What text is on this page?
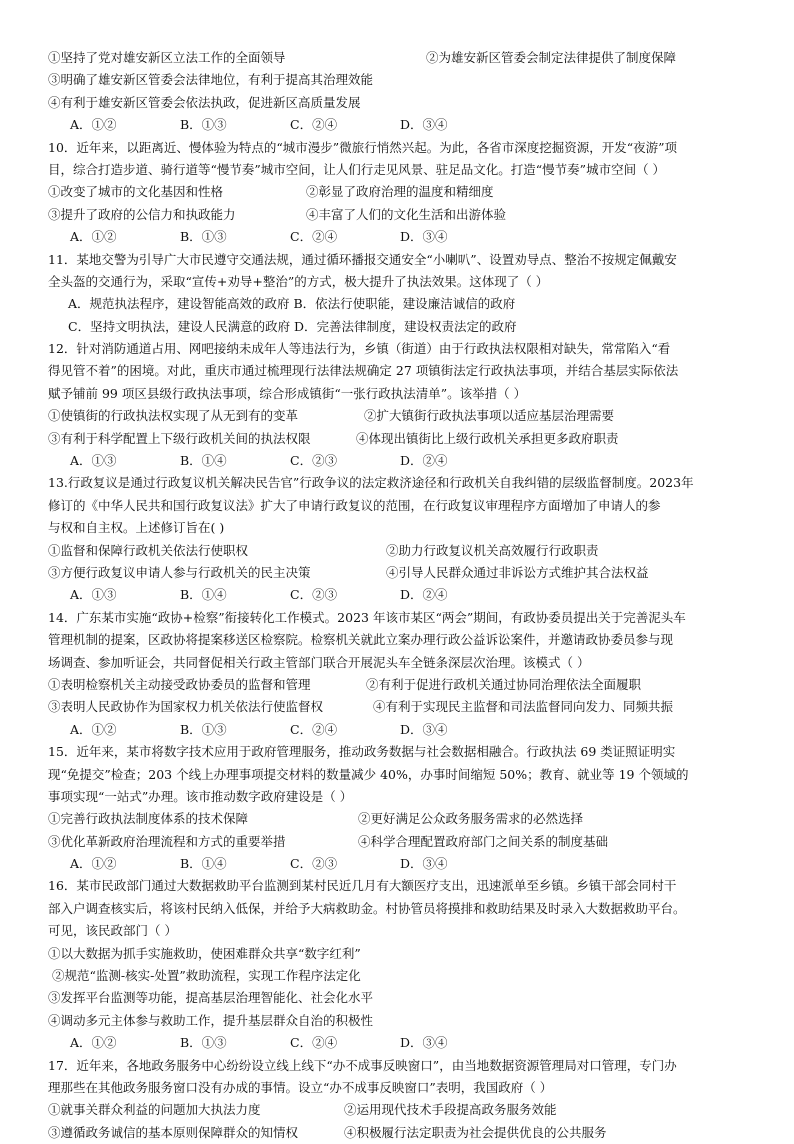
①坚持了党对雄安新区立法工作的全面领导	②为雄安新区管委会制定法律提供了制度保障
③明确了雄安新区管委会法律地位，有利于提高其治理效能
④有利于雄安新区管委会依法执政，促进新区高质量发展
A．①②	B．①③	C．②④	D．③④
10．近年来，以距离近、慢体验为特点的“城市漫步”微旅行悄然兴起。为此，各省市深度挖掘资源，开发“夜游”项
目，综合打造步道、骑行道等“慢节奏”城市空间，让人们行走见风景、驻足品文化。打造“慢节奏”城市空间（ ）
①改变了城市的文化基因和性格	②彰显了政府治理的温度和精细度
③提升了政府的公信力和执政能力	④丰富了人们的文化生活和出游体验
A．①②	B．①③	C．②④	D．③④
11．某地交警为引导广大市民遵守交通法规，通过循环播报交通安全“小喇叭”、设置劝导点、整治不按规定佩戴安
全头盔的交通行为，采取“宣传+劝导+整治”的方式，极大提升了执法效果。这体现了（ ）
A．规范执法程序，建设智能高效的政府 B．依法行使职能，建设廉洁诚信的政府
C．坚持文明执法，建设人民满意的政府 D．完善法律制度，建设权责法定的政府
12．针对消防通道占用、网吧接纳未成年人等违法行为，乡镇（街道）由于行政执法权限相对缺失，常常陷入“看
得见管不着”的困境。对此，重庆市通过梳理现行法律法规确定 27 项镇街法定行政执法事项，并结合基层实际依法
赋予铺前 99 项区县级行政执法事项，综合形成镇街“一张行政执法清单”。该举措（ ）
①使镇街的行政执法权实现了从无到有的变革	②扩大镇街行政执法事项以适应基层治理需要
③有利于科学配置上下级行政机关间的执法权限	④体现出镇街比上级行政机关承担更多政府职责
A．①③	B．①④	C．②③	D．②④
13.行政复议是通过行政复议机关解决民告官”行政争议的法定救济途径和行政机关自我纠错的层级监督制度。2023年
修订的《中华人民共和国行政复议法》扩大了申请行政复议的范围，在行政复议审理程序方面增加了申请人的参
与权和自主权。上述修订旨在( )
①监督和保障行政机关依法行使职权	②助力行政复议机关高效履行行政职责
③方便行政复议申请人参与行政机关的民主决策	④引导人民群众通过非诉讼方式维护其合法权益
A．①③	B．①④	C．②③	D．②④
14．广东某市实施“政协+检察”衔接转化工作模式。2023 年该市某区“两会”期间，有政协委员提出关于完善泥头车
管理机制的提案，区政协将提案移送区检察院。检察机关就此立案办理行政公益诉讼案件，并邀请政协委员参与现
场调查、参加听证会，共同督促相关行政主管部门联合开展泥头车全链条深层次治理。该模式（ ）
①表明检察机关主动接受政协委员的监督和管理	②有利于促进行政机关通过协同治理依法全面履职
③表明人民政协作为国家权力机关依法行使监督权	④有利于实现民主监督和司法监督同向发力、同频共振
A．①②	B．①③	C．②④	D．③④
15．近年来，某市将数字技术应用于政府管理服务，推动政务数据与社会数据相融合。行政执法 69 类证照证明实
现“免提交”检查；203 个线上办理事项提交材料的数量减少 40%，办事时间缩短 50%；教育、就业等 19 个领域的
事项实现“一站式”办理。该市推动数字政府建设是（ ）
①完善行政执法制度体系的技术保障	②更好满足公众政务服务需求的必然选择
③优化革新政府治理流程和方式的重要举措	④科学合理配置政府部门之间关系的制度基础
A．①②	B．①④	C．②③	D．③④
16．某市民政部门通过大数据救助平台监测到某村民近几月有大额医疗支出，迅速派单至乡镇。乡镇干部会同村干
部入户调查核实后，将该村民纳入低保，并给予大病救助金。村协管员将摸排和救助结果及时录入大数据救助平台。
可见，该民政部门（ ）
①以大数据为抓手实施救助，使困难群众共享“数字红利”
②规范“监测-核实-处置”救助流程，实现工作程序法定化
③发挥平台监测等功能，提高基层治理智能化、社会化水平
④调动多元主体参与救助工作，提升基层群众自治的积极性
A．①②	B．①③	C．②④	D．③④
17．近年来，各地政务服务中心纷纷设立线上线下“办不成事反映窗口”，由当地数据资源管理局对口管理，专门办
理那些在其他政务服务窗口没有办成的事情。设立“办不成事反映窗口”表明，我国政府（ ）
①就事关群众利益的问题加大执法力度	②运用现代技术手段提高政务服务效能
③遵循政务诚信的基本原则保障群众的知情权	④积极履行法定职责为社会提供优良的公共服务
